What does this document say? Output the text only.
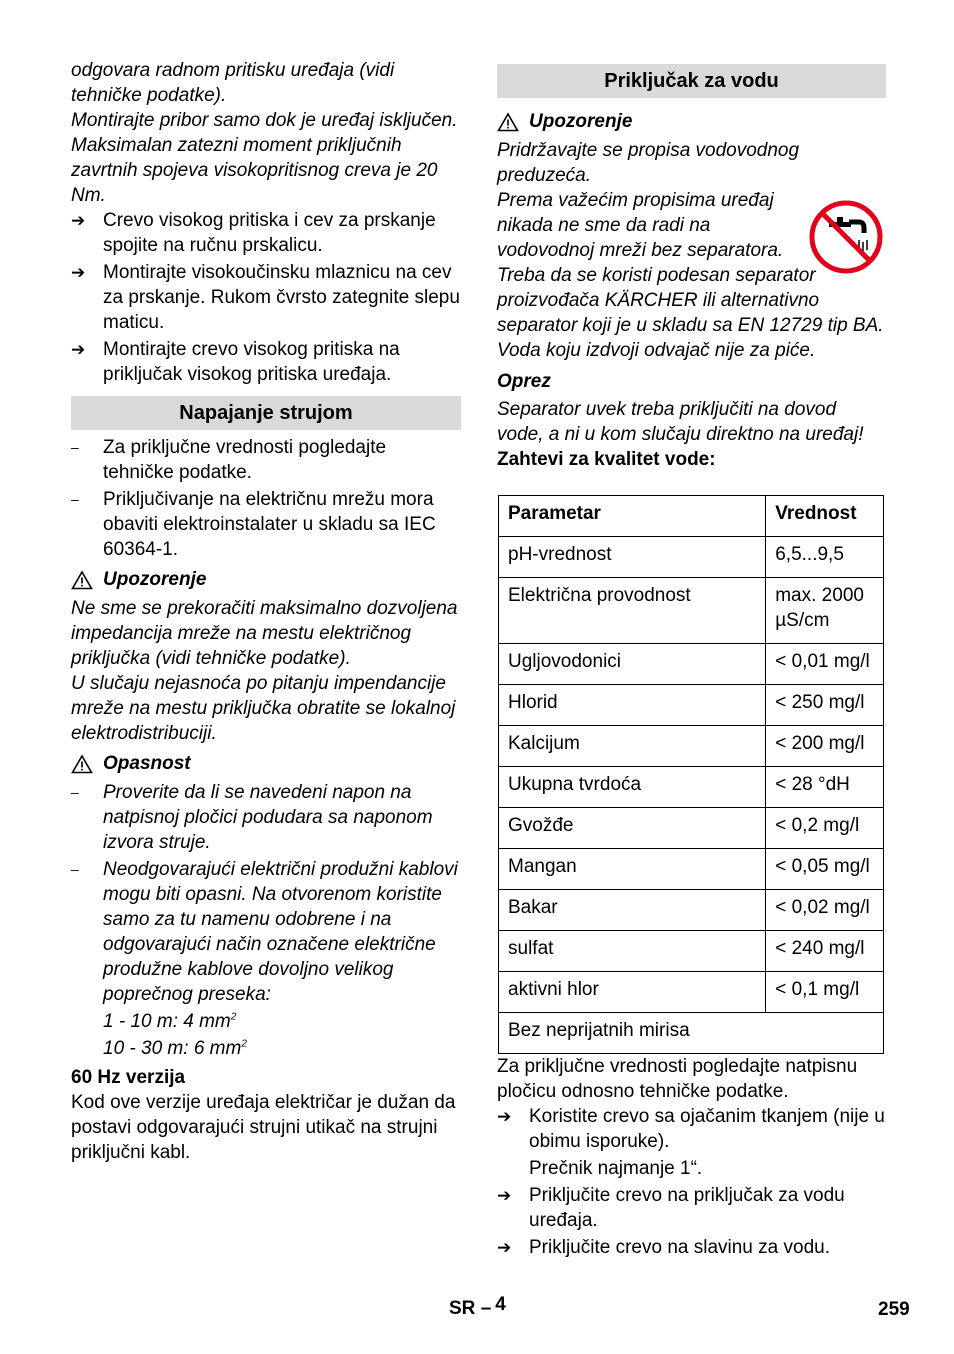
odgovara radnom pritisku uređaja (vidi tehničke podatke).

Montirajte pribor samo dok je uređaj isključen.

Maksimalan zatezni moment priključnih zavrtnih spojeva visokopritisnog creva je 20 Nm.

➔ Crevo visokog pritiska i cev za prskanje spojite na ručnu prskalicu.
➔ Montirajte visokoučinsku mlaznicu na cev za prskanje. Rukom čvrsto zategnite slepu maticu.
➔ Montirajte crevo visokog pritiska na priključak visokog pritiska uređaja.
Napajanje strujom
–	Za priključne vrednosti pogledajte tehničke podatke.
–	Priključivanje na električnu mrežu mora obaviti elektroinstalater u skladu sa IEC 60364-1.
Upozorenje

Ne sme se prekoračiti maksimalno dozvoljena impedancija mreže na mestu električnog priključka (vidi tehničke podatke).

U slučaju nejasnoća po pitanju impendancije mreže na mestu priključka obratite se lokalnoj elektrodistribuciji.

Opasnost
–	Proverite da li se navedeni napon na natpisnoj pločici podudara sa naponom izvora struje.
–	Neodgovarajući električni produžni kablovi mogu biti opasni. Na otvorenom koristite samo za tu namenu odobrene i na odgovarajući način označene električne produžne kablove dovoljno velikog poprečnog preseka:

1 - 10 m: 4 $mm^2$

10 - 30 m: 6 $mm^2$

60 Hz verzija

Kod ove verzije uređaja električar je dužan da postavi odgovarajući strujni utikač na strujni priključni kabl.

Priključak za vodu
Upozorenje

Pridržavajte se propisa vodovodnog preduzeća.

Prema važećim propisima uređaj nikada ne sme da radi na vodovodnoj mreži bez separatora.

Treba da se koristi podesan separator proizvođača KÄRCHER ili alternativno separator koji je u skladu sa EN 12729 tip BA. Voda koju izdvoji odvajač nije za piće.

Oprez

Separator uvek treba priključiti na dovod vode, a ni u kom slučaju direktno na uređaj!

Zahtevi za kvalitet vode:

Parametar	Vrednost
pH-vrednost	6,5...9,5
Električna provodnost	max. 2000 µS/cm
Ugljovodonici	< 0,01 mg/l
Hlorid	< 250 mg/l
Kalcijum	< 200 mg/l
Ukupna tvrdoća	< 28 °dH
Gvožđe	< 0,2 mg/l
Mangan	< 0,05 mg/l
Bakar	< 0,02 mg/l
sulfat	< 240 mg/l
aktivni hlor	< 0,1 mg/l
Bez neprijatnih mirisa	

Za priključne vrednosti pogledajte natpisnu pločicu odnosno tehničke podatke.

➔ Koristite crevo sa ojačanim tkanjem (nije u obimu isporuke).

Prečnik najmanje 1“.

➔ Priključite crevo na priključak za vodu uređaja.
➔ Priključite crevo na slavinu za vodu.
SR – 4	259
